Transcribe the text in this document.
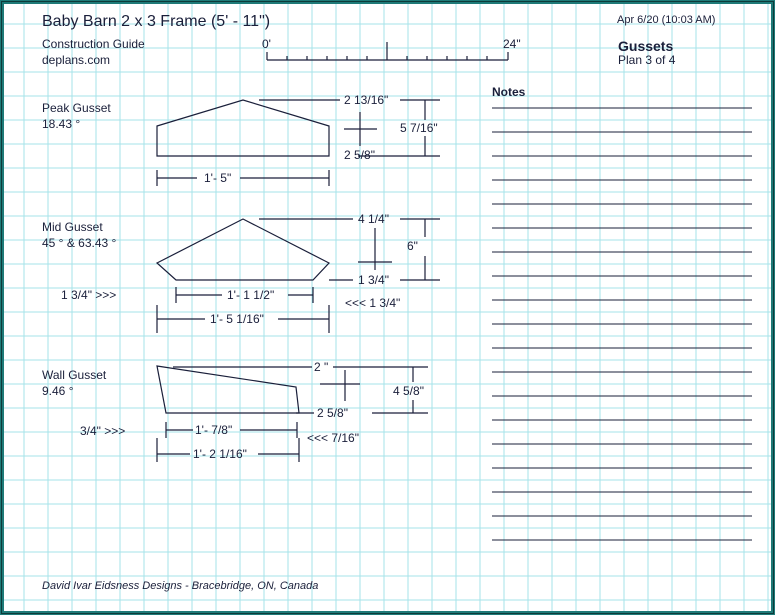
Baby Barn 2 x 3 Frame (5' - 11")
Construction Guide
deplans.com
Apr 6/20 (10:03 AM)
Gussets
Plan 3 of 4
0'	24"
Peak Gusset
18.43 °
2 13/16"
5 7/16"
2 5/8"
1'- 5"
Mid Gusset
45 ° & 63.43 °
4 1/4"
6"
1 3/4"
1 3/4" >>>	1'- 1 1/2"
<<< 1 3/4"
1'- 5 1/16"
Wall Gusset
9.46 °
2 "
4 5/8"
2 5/8"
3/4" >>>	1'- 7/8"
<<< 7/16"
1'- 2 1/16"
Notes
David Ivar Eidsness Designs - Bracebridge, ON, Canada
